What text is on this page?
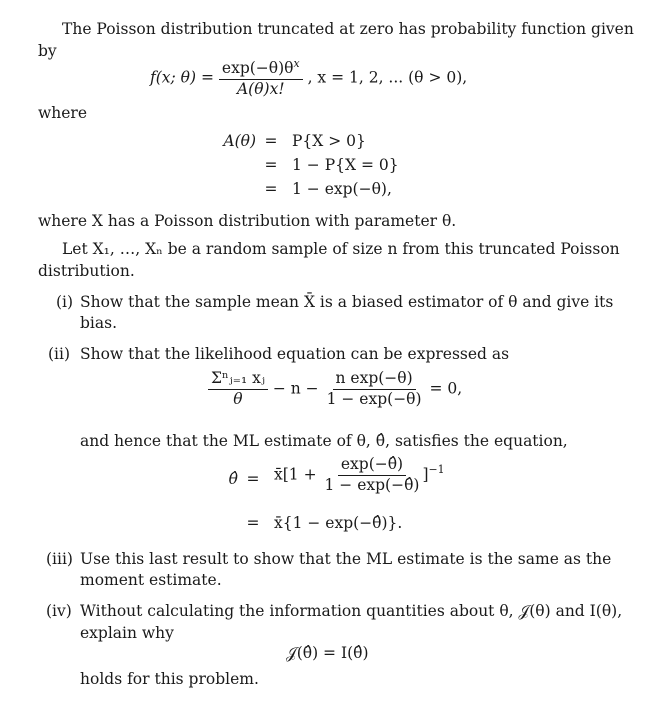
The Poisson distribution truncated at zero has probability function given
by
f(x; $\theta) = \frac{\exp(-\theta)\theta^x}{A(\theta)x!}$ , x = 1, 2, ... (θ > 0),
where
A(θ) = P{X > 0}
= 1 − P{X = 0}
= 1 − exp(−θ),
where X has a Poisson distribution with parameter θ.
Let X₁, …, Xₙ be a random sample of size n from this truncated Poisson
distribution.
(i) Show that the sample mean X̄ is a biased estimator of θ and give its
bias.
(ii) Show that the likelihood equation can be expressed as
$\frac{\text{Σⁿⱼ₌₁ xⱼ}}{\theta} - n - \frac{\text{n exp(−θ)}}{1 - \exp(-\theta)} = 0$,
and hence that the ML estimate of θ, θ̂, satisfies the equation,
θ̂ = x̄[1 + $\frac{\exp(-\thetâ)}{1 - \exp(-\thetâ)} ]^{-1}$
= x̄{1 − exp(−θ̂)}.
(iii) Use this last result to show that the ML estimate is the same as the
moment estimate.
(iv) Without calculating the information quantities about θ, 𝒥(θ) and I(θ),
explain why
𝒥(θ̂) = I(θ̂)
holds for this problem.
